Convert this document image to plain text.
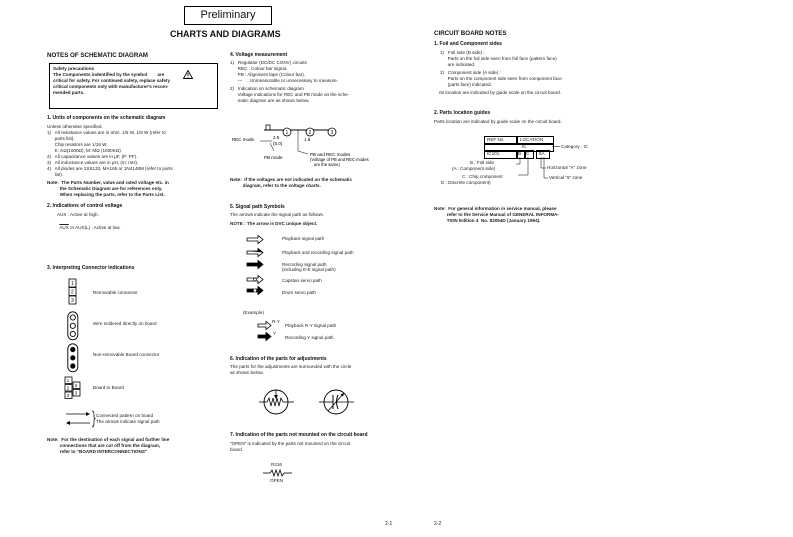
Preliminary
CHARTS AND DIAGRAMS
NOTES OF SCHEMATIC DIAGRAM
Safety precautions
The Components indentified by the symbol        are
critical for safety. For continued safety, replace safety
critical components only with manufacturer's recom-
mended parts.
1. Units of components on the schematic diagram
Unless otherwise specified.
1)   All resistance values are in ohm. 1/6 W, 1/8 W (refer to
parts list).
Chip resistors are 1/16 W.
K: KΩ(1000Ω), M: MΩ (1000KΩ)
2)   All capacitance values are in μF, (P: PF).
3)   All inductance values are in μH, (m: mH).
4)   All diodes are 1SS133, MA165 or 1N4148M (refer to parts
list).
Note:  The Parts Number, value and rated voltage etc. in
the Schematic Diagram are for references only.
When replacing the parts, refer to the Parts List.
2. Indications of control voltage
AUX : Active at high.

$\overline{AUX}$ or AUX(L) : Active at low.

3. Interpreting Connector indications
1
2
3
Removable connector
Wire soldered directly on board
Non-removable Board connector
1
2
3
2
3
Board to Board
Connected pattern on board
The arrows indicate signal path
Note:  For the destination of each signal and further line
connections that are cut off from the diagram,
refer to "BOARD INTERCONNECTIONS"
4. Voltage measurement
1)   Regulator (DC/DC CONV) circuits
REC : Colour bar signal.
PB : Alignment tape (Colour bar).
—    : Unmeasurable or unnecessary to measure.
2)   Indication on schematic diagram
Voltage indications for REC and PB mode on the sche-
matic diagram are as shown below.
1	2	3
REC mode	2.5
(5.0)
1.8
PB mode
PB and REC modes
(Voltage of PB and REC modes
are the same)
Note:  If the voltages are not indicated on the schematic
diagram, refer to the voltage charts.
5. Signal path Symbols
The arrows indicate the signal path as follows.
NOTE : The arrow is DVC unique object.
Playback signal path
Playback and recording signal path
Recording signal path
(including E-E signal path)
Capstan servo path
Drum servo path
(Example)
R-Y
Y
Playback R-Y signal path
Recording Y signal path
6. Indication of the parts for adjustments
The parts for the adjustments are surrounded with the circle
as shown below.
7. Indication of the parts not mounted on the circuit board
"OPEN" is indicated by the parts not mounted on the circuit
board.
R216
OPEN
2-1
CIRCUIT BOARD NOTES
1. Foil and Component sides
1)   Foil side (B side) :
Parts on the foil side seen from foil face (pattern face)
are indicated.
2)   Component side (A side) :
Parts on the component side seen from component face
(parts face) indicated.
rts location are indicated by guide scale on the circuit board.
2. Parts location guides
Parts location are indicated by guide scale on the circuit board.
REF No.	LOCATION
IC
IC101	B C 6A
Category : IC
B : Foil side
(A : Component side)	Horizontal "A" zone
C : Chip component	Vertical "6" zone
D : Discrete component)
Note:  For general information in service manual, please
refer to the Service Manual of GENERAL INFORMA-
TION Edition 4  No. 82054D (January 1994).
2-2
